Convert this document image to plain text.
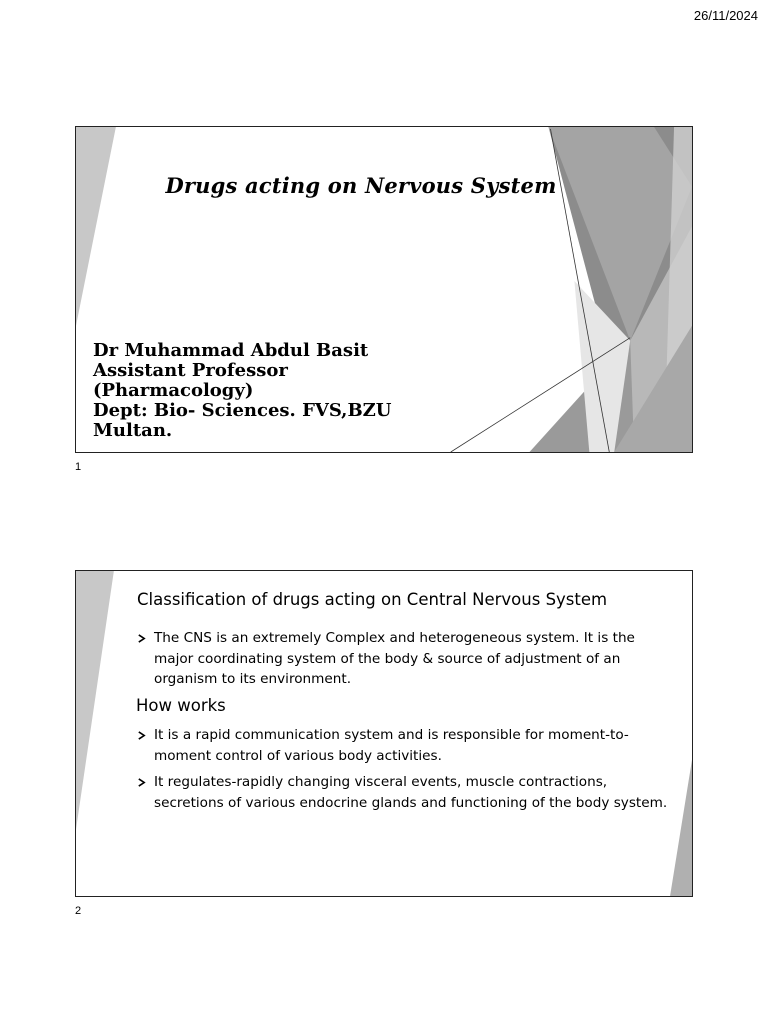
26/11/2024
Drugs acting on Nervous System
Dr Muhammad Abdul Basit
Assistant Professor
(Pharmacology)
Dept: Bio- Sciences. FVS,BZU
Multan.
1
Classification of drugs acting on Central Nervous System
The CNS is an extremely Complex and heterogeneous system. It is the major coordinating system of the body & source of adjustment of an organism to its environment.
How works
It is a rapid communication system and is responsible for moment-to-moment control of various body activities.
It regulates-rapidly changing visceral events, muscle contractions, secretions of various endocrine glands and functioning of the body system.
2
